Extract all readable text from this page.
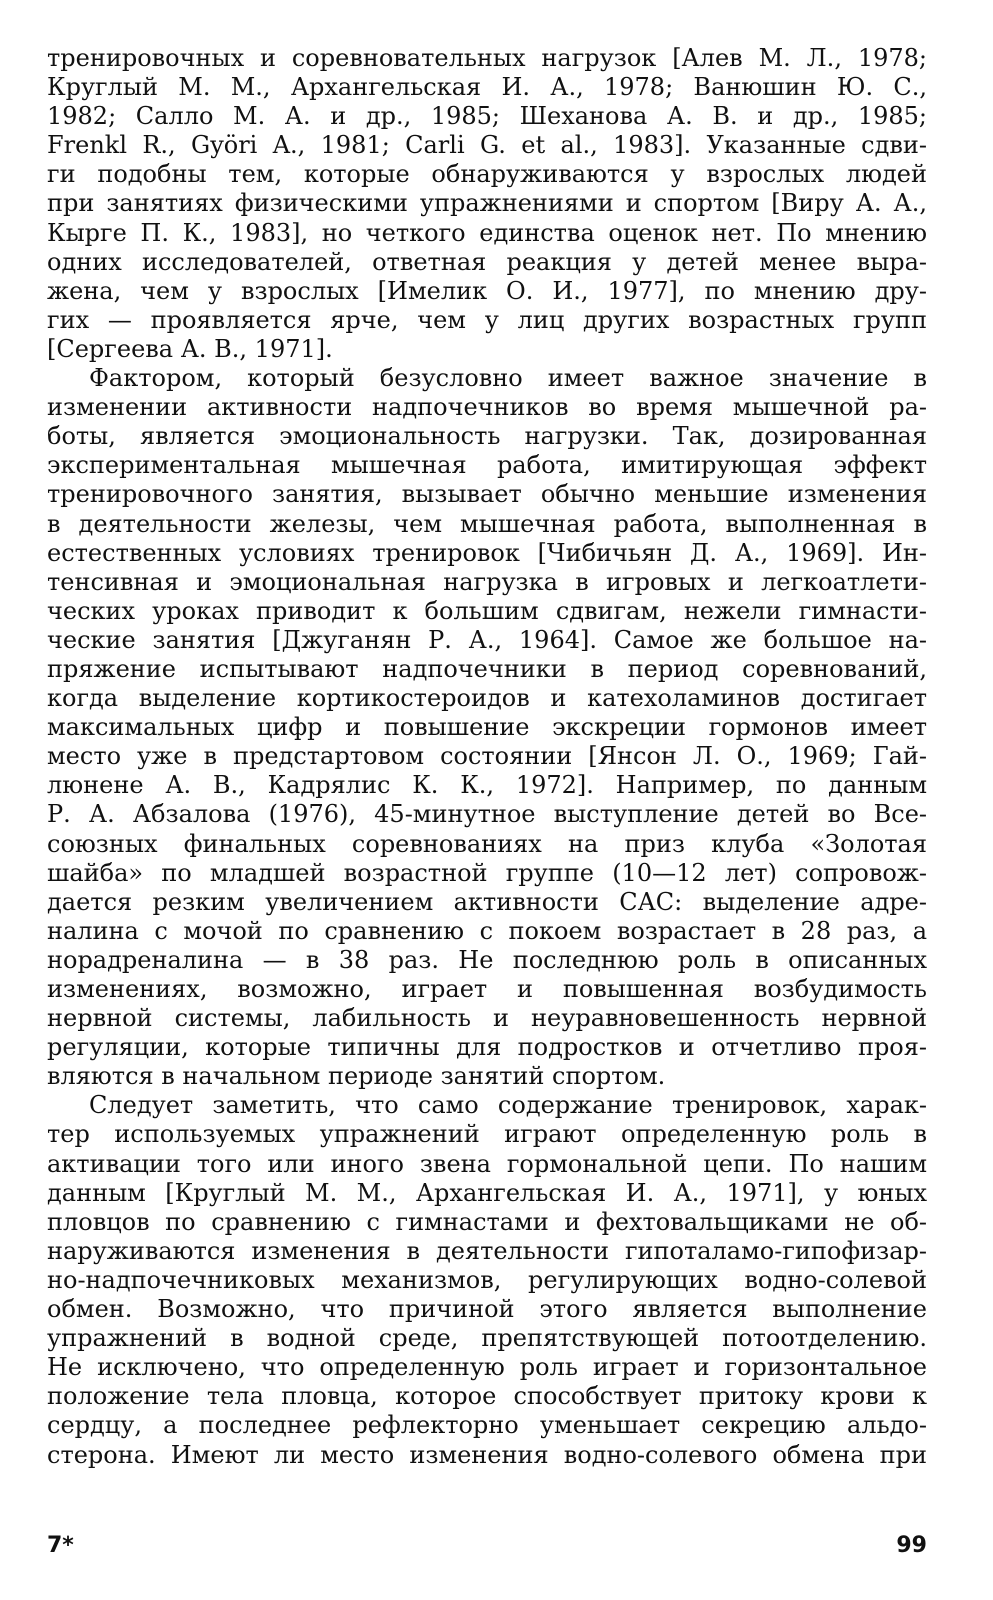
тренировочных и соревновательных нагрузок [Алев М. Л., 1978;
Круглый М. М., Архангельская И. А., 1978; Ванюшин Ю. С.,
1982; Салло М. А. и др., 1985; Шеханова А. В. и др., 1985;
Frenkl R., Györi A., 1981; Carli G. et al., 1983]. Указанные сдви-
ги подобны тем, которые обнаруживаются у взрослых людей
при занятиях физическими упражнениями и спортом [Виру А. А.,
Кырге П. К., 1983], но четкого единства оценок нет. По мнению
одних исследователей, ответная реакция у детей менее выра-
жена, чем у взрослых [Имелик О. И., 1977], по мнению дру-
гих — проявляется ярче, чем у лиц других возрастных групп
[Сергеева А. В., 1971].
Фактором, который безусловно имеет важное значение в
изменении активности надпочечников во время мышечной ра-
боты, является эмоциональность нагрузки. Так, дозированная
экспериментальная мышечная работа, имитирующая эффект
тренировочного занятия, вызывает обычно меньшие изменения
в деятельности железы, чем мышечная работа, выполненная в
естественных условиях тренировок [Чибичьян Д. А., 1969]. Ин-
тенсивная и эмоциональная нагрузка в игровых и легкоатлети-
ческих уроках приводит к большим сдвигам, нежели гимнасти-
ческие занятия [Джуганян Р. А., 1964]. Самое же большое на-
пряжение испытывают надпочечники в период соревнований,
когда выделение кортикостероидов и катехоламинов достигает
максимальных цифр и повышение экскреции гормонов имеет
место уже в предстартовом состоянии [Янсон Л. О., 1969; Гай-
люнене А. В., Кадрялис К. К., 1972]. Например, по данным
Р. А. Абзалова (1976), 45-минутное выступление детей во Все-
союзных финальных соревнованиях на приз клуба «Золотая
шайба» по младшей возрастной группе (10—12 лет) сопровож-
дается резким увеличением активности САС: выделение адре-
налина с мочой по сравнению с покоем возрастает в 28 раз, а
норадреналина — в 38 раз. Не последнюю роль в описанных
изменениях, возможно, играет и повышенная возбудимость
нервной системы, лабильность и неуравновешенность нервной
регуляции, которые типичны для подростков и отчетливо проя-
вляются в начальном периоде занятий спортом.
Следует заметить, что само содержание тренировок, харак-
тер используемых упражнений играют определенную роль в
активации того или иного звена гормональной цепи. По нашим
данным [Круглый М. М., Архангельская И. А., 1971], у юных
пловцов по сравнению с гимнастами и фехтовальщиками не об-
наруживаются изменения в деятельности гипоталамо-гипофизар-
но-надпочечниковых механизмов, регулирующих водно-солевой
обмен. Возможно, что причиной этого является выполнение
упражнений в водной среде, препятствующей потоотделению.
Не исключено, что определенную роль играет и горизонтальное
положение тела пловца, которое способствует притоку крови к
сердцу, а последнее рефлекторно уменьшает секрецию альдо-
стерона. Имеют ли место изменения водно-солевого обмена при
7*	99
